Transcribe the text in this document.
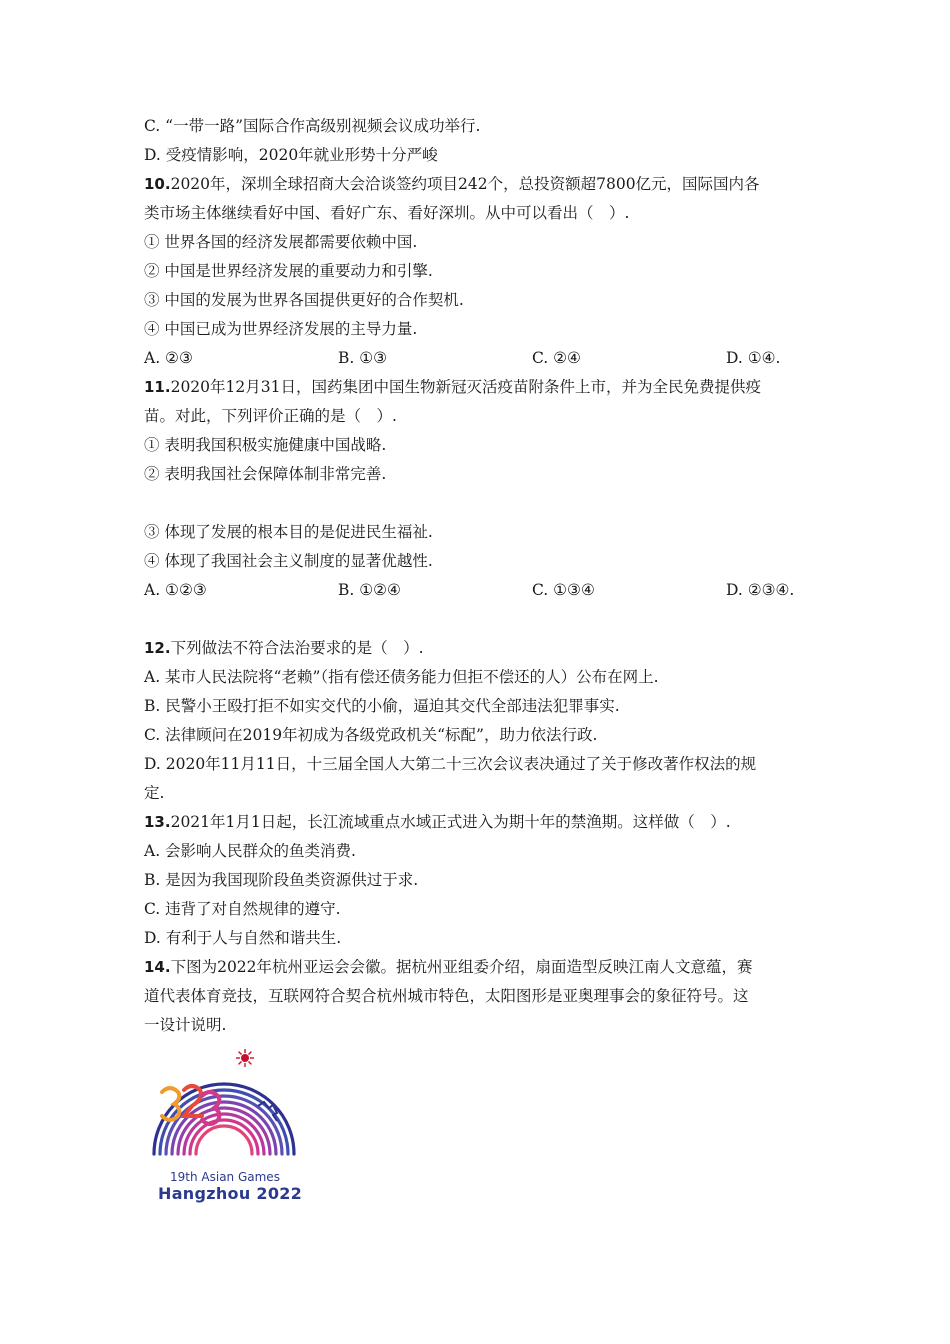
C. “一带一路”国际合作高级别视频会议成功举行.
D. 受疫情影响，2020年就业形势十分严峻
10.2020年，深圳全球招商大会洽谈签约项目242个，总投资额超7800亿元，国际国内各
类市场主体继续看好中国、看好广东、看好深圳。从中可以看出（　）.
① 世界各国的经济发展都需要依赖中国.
② 中国是世界经济发展的重要动力和引擎.
③ 中国的发展为世界各国提供更好的合作契机.
④ 中国已成为世界经济发展的主导力量.
A. ②③	B. ①③	C. ②④	D. ①④.
11.2020年12月31日，国药集团中国生物新冠灭活疫苗附条件上市，并为全民免费提供疫
苗。对此，下列评价正确的是（　）.
① 表明我国积极实施健康中国战略.
② 表明我国社会保障体制非常完善.
③ 体现了发展的根本目的是促进民生福祉.
④ 体现了我国社会主义制度的显著优越性.
A. ①②③	B. ①②④	C. ①③④	D. ②③④.
12.下列做法不符合法治要求的是（　）.
A. 某市人民法院将“老赖”（指有偿还债务能力但拒不偿还的人）公布在网上.
B. 民警小王殴打拒不如实交代的小偷，逼迫其交代全部违法犯罪事实.
C. 法律顾问在2019年初成为各级党政机关“标配”，助力依法行政.
D. 2020年11月11日，十三届全国人大第二十三次会议表决通过了关于修改著作权法的规
定.
13.2021年1月1日起，长江流域重点水域正式进入为期十年的禁渔期。这样做（　）.
A. 会影响人民群众的鱼类消费.
B. 是因为我国现阶段鱼类资源供过于求.
C. 违背了对自然规律的遵守.
D. 有利于人与自然和谐共生.
14.下图为2022年杭州亚运会会徽。据杭州亚组委介绍，扇面造型反映江南人文意蕴，赛
道代表体育竞技，互联网符合契合杭州城市特色，太阳图形是亚奥理事会的象征符号。这
一设计说明.
19th Asian Games
Hangzhou 2022
